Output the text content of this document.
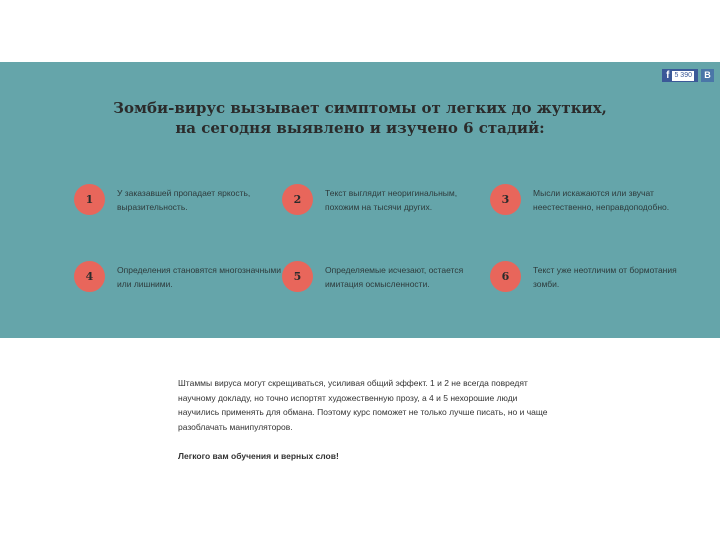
f 5 390	B
Зомби-вирус вызывает симптомы от легких до жутких,
на сегодня выявлено и изучено 6 стадий:
1
У заказавшей пропадает яркость, выразительность.
2
Текст выглядит неоригинальным, похожим на тысячи других.
3
Мысли искажаются или звучат неестественно, неправдоподобно.
4
Определения становятся многозначными или лишними.
5
Определяемые исчезают, остается имитация осмысленности.
6
Текст уже неотличим от бормотания зомби.

Штаммы вируса могут скрещиваться, усиливая общий эффект. 1 и 2 не всегда повредят научному докладу, но точно испортят художественную прозу, а 4 и 5 нехорошие люди научились применять для обмана. Поэтому курс поможет не только лучше писать, но и чаще разоблачать манипуляторов.

Легкого вам обучения и верных слов!
